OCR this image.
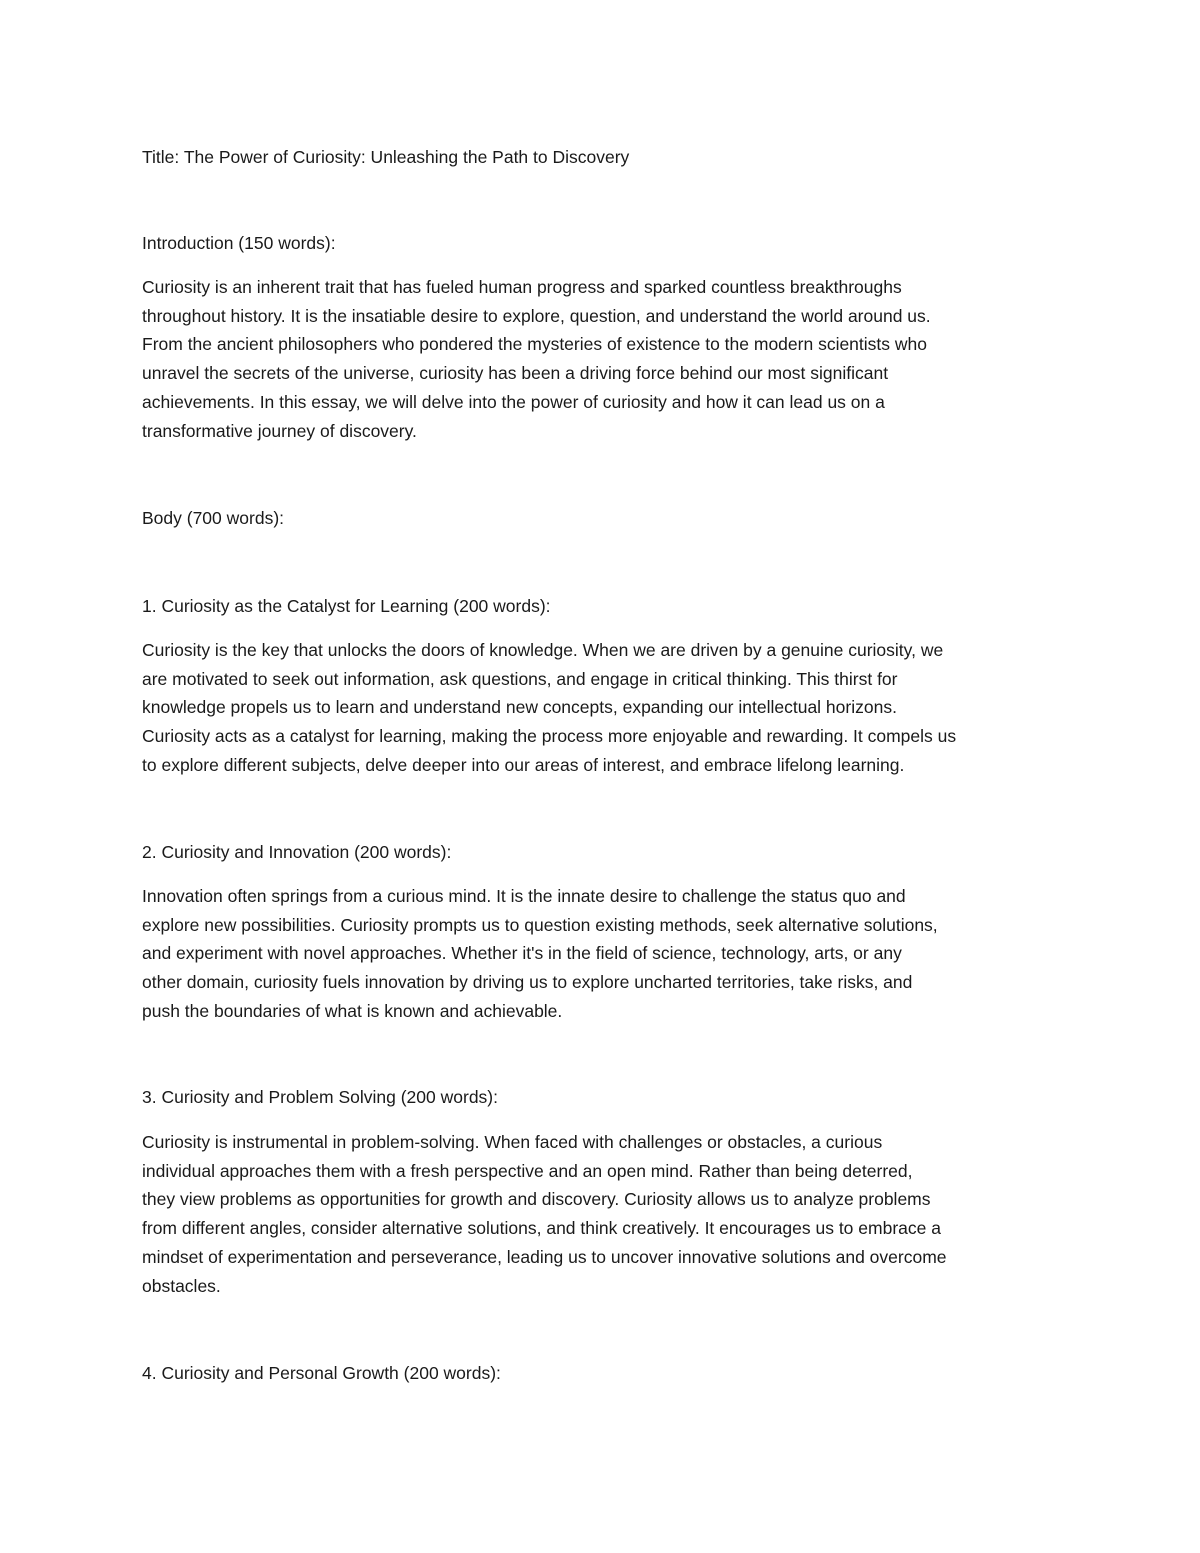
Title: The Power of Curiosity: Unleashing the Path to Discovery

Introduction (150 words):

Curiosity is an inherent trait that has fueled human progress and sparked countless breakthroughs
throughout history. It is the insatiable desire to explore, question, and understand the world around us.
From the ancient philosophers who pondered the mysteries of existence to the modern scientists who
unravel the secrets of the universe, curiosity has been a driving force behind our most significant
achievements. In this essay, we will delve into the power of curiosity and how it can lead us on a
transformative journey of discovery.

Body (700 words):

1. Curiosity as the Catalyst for Learning (200 words):

Curiosity is the key that unlocks the doors of knowledge. When we are driven by a genuine curiosity, we
are motivated to seek out information, ask questions, and engage in critical thinking. This thirst for
knowledge propels us to learn and understand new concepts, expanding our intellectual horizons.
Curiosity acts as a catalyst for learning, making the process more enjoyable and rewarding. It compels us
to explore different subjects, delve deeper into our areas of interest, and embrace lifelong learning.

2. Curiosity and Innovation (200 words):

Innovation often springs from a curious mind. It is the innate desire to challenge the status quo and
explore new possibilities. Curiosity prompts us to question existing methods, seek alternative solutions,
and experiment with novel approaches. Whether it's in the field of science, technology, arts, or any
other domain, curiosity fuels innovation by driving us to explore uncharted territories, take risks, and
push the boundaries of what is known and achievable.

3. Curiosity and Problem Solving (200 words):

Curiosity is instrumental in problem-solving. When faced with challenges or obstacles, a curious
individual approaches them with a fresh perspective and an open mind. Rather than being deterred,
they view problems as opportunities for growth and discovery. Curiosity allows us to analyze problems
from different angles, consider alternative solutions, and think creatively. It encourages us to embrace a
mindset of experimentation and perseverance, leading us to uncover innovative solutions and overcome
obstacles.

4. Curiosity and Personal Growth (200 words):
